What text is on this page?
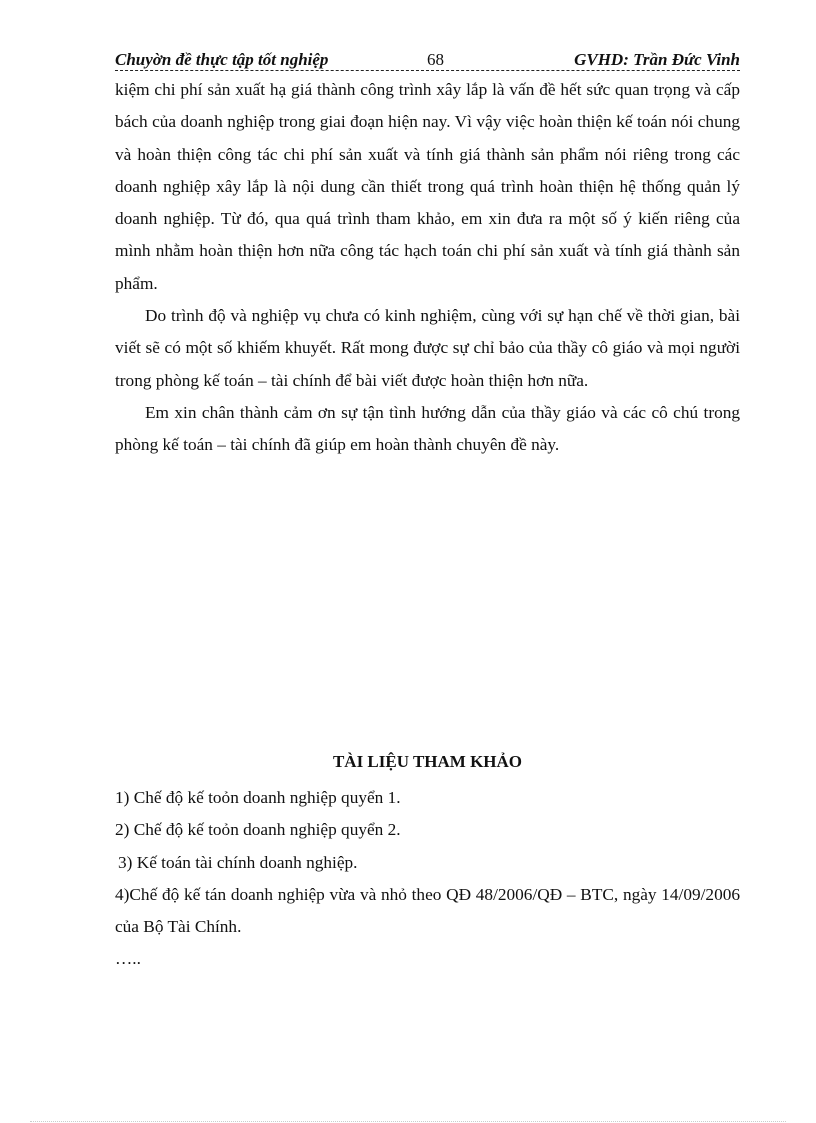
Chuyờn đề thực tập tốt nghiệp	68	GVHD: Trần Đức Vinh

kiệm chi phí sản xuất hạ giá thành công trình xây lắp là vấn đề hết sức quan trọng và cấp bách của doanh nghiệp trong giai đoạn hiện nay. Vì vậy việc hoàn thiện kế toán nói chung và hoàn thiện công tác chi phí sản xuất và tính giá thành sản phẩm nói riêng trong các doanh nghiệp xây lắp là nội dung cần thiết trong quá trình hoàn thiện hệ thống quản lý doanh nghiệp. Từ đó, qua quá trình tham khảo, em xin đưa ra một số ý kiến riêng của mình nhằm hoàn thiện hơn nữa công tác hạch toán chi phí sản xuất và tính giá thành sản phẩm.

Do trình độ và nghiệp vụ chưa có kinh nghiệm, cùng với sự hạn chế về thời gian, bài viết sẽ có một số khiếm khuyết. Rất mong được sự chỉ bảo của thầy cô giáo và mọi người trong phòng kế toán – tài chính để bài viết được hoàn thiện hơn nữa.

Em xin chân thành cảm ơn sự tận tình hướng dẫn của thầy giáo và các cô chú trong phòng kế toán – tài chính đã giúp em hoàn thành chuyên đề này.

TÀI LIỆU THAM KHẢO

1) Chế độ kế toỏn doanh nghiệp quyển 1.

2) Chế độ kế toỏn doanh nghiệp quyển 2.

3) Kế toán tài chính doanh nghiệp.

4)Chế độ kế tán doanh nghiệp vừa và nhỏ theo QĐ 48/2006/QĐ – BTC, ngày 14/09/2006 của Bộ Tài Chính.

…..
